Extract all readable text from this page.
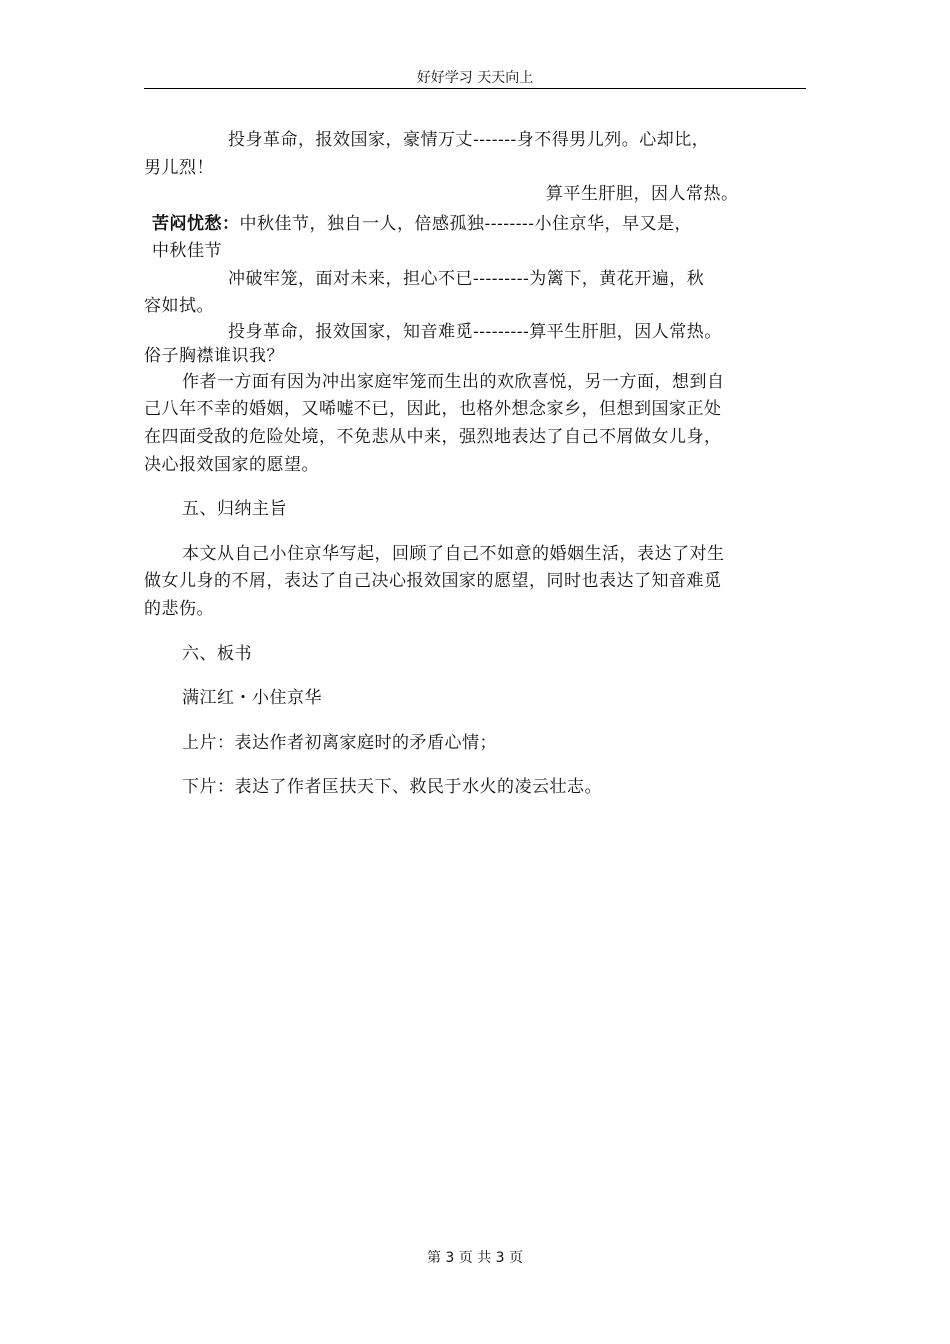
好好学习 天天向上
投身革命，报效国家，豪情万丈-------身不得男儿列。心却比，
男儿烈！
算平生肝胆，因人常热。
苦闷忧愁：中秋佳节，独自一人，倍感孤独--------小住京华，早又是，
中秋佳节
冲破牢笼，面对未来，担心不已---------为篱下，黄花开遍，秋
容如拭。
投身革命，报效国家，知音难觅---------算平生肝胆，因人常热。
俗子胸襟谁识我？
作者一方面有因为冲出家庭牢笼而生出的欢欣喜悦，另一方面，想到自
己八年不幸的婚姻，又唏嘘不已，因此，也格外想念家乡，但想到国家正处
在四面受敌的危险处境，不免悲从中来，强烈地表达了自己不屑做女儿身，
决心报效国家的愿望。
五、归纳主旨
本文从自己小住京华写起，回顾了自己不如意的婚姻生活，表达了对生
做女儿身的不屑，表达了自己决心报效国家的愿望，同时也表达了知音难觅
的悲伤。
六、板书
满江红・小住京华
上片：表达作者初离家庭时的矛盾心情；
下片：表达了作者匡扶天下、救民于水火的凌云壮志。
第 3 页 共 3 页
